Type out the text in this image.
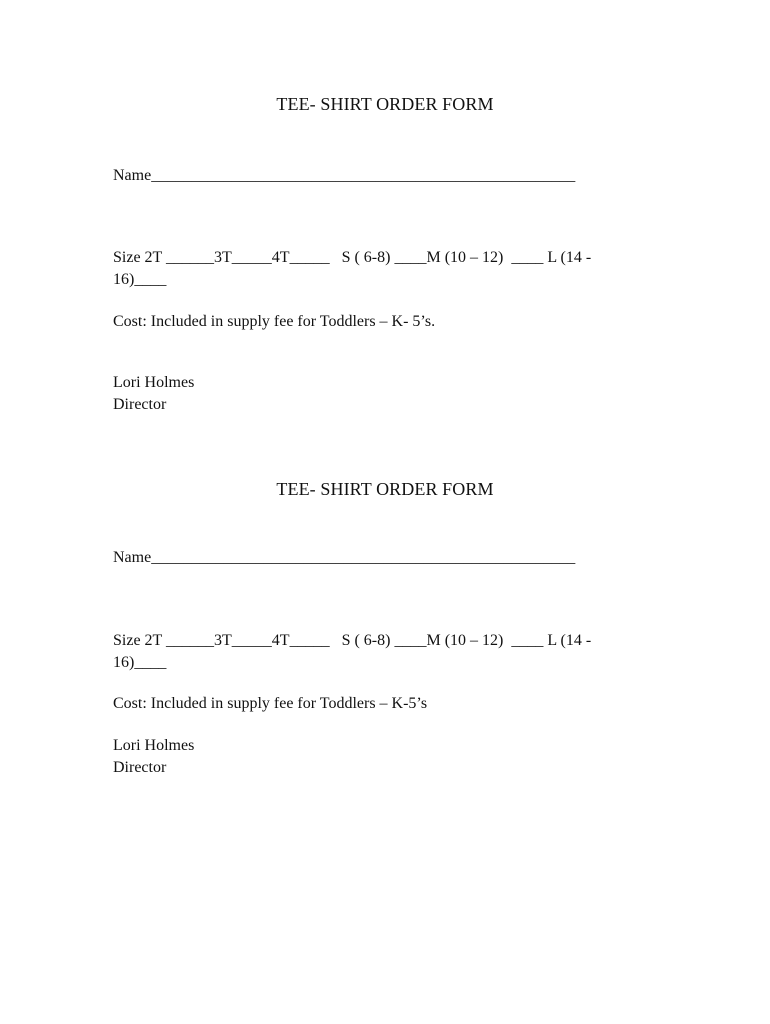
TEE- SHIRT ORDER FORM
Name_____________________________________________________
Size 2T ______3T_____4T_____   S ( 6-8) ____M (10 – 12)  ____ L (14 -
16)____
Cost: Included in supply fee for Toddlers – K- 5’s.
Lori Holmes
Director
TEE- SHIRT ORDER FORM
Name_____________________________________________________
Size 2T ______3T_____4T_____   S ( 6-8) ____M (10 – 12)  ____ L (14 -
16)____
Cost: Included in supply fee for Toddlers – K-5’s
Lori Holmes
Director
